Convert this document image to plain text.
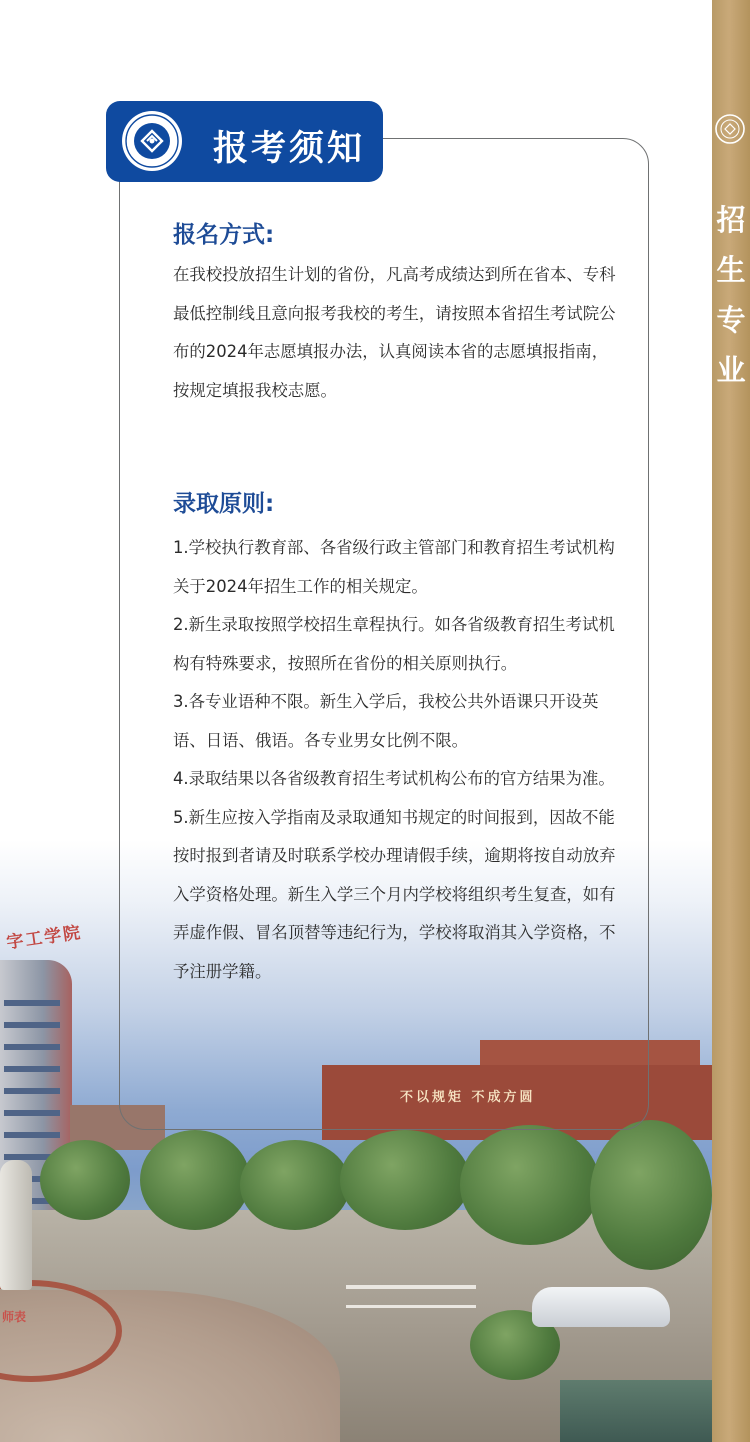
字工学院
不以规矩 不成方圆
师表
招
生
专
业
报考须知
报名方式:

在我校投放招生计划的省份，凡高考成绩达到所在省本、专科最低控制线且意向报考我校的考生，请按照本省招生考试院公布的2024年志愿填报办法，认真阅读本省的志愿填报指南，按规定填报我校志愿。

录取原则:

1.学校执行教育部、各省级行政主管部门和教育招生考试机构关于2024年招生工作的相关规定。

2.新生录取按照学校招生章程执行。如各省级教育招生考试机构有特殊要求，按照所在省份的相关原则执行。

3.各专业语种不限。新生入学后，我校公共外语课只开设英语、日语、俄语。各专业男女比例不限。

4.录取结果以各省级教育招生考试机构公布的官方结果为准。

5.新生应按入学指南及录取通知书规定的时间报到，因故不能按时报到者请及时联系学校办理请假手续，逾期将按自动放弃入学资格处理。新生入学三个月内学校将组织考生复查，如有弄虚作假、冒名顶替等违纪行为，学校将取消其入学资格，不予注册学籍。
